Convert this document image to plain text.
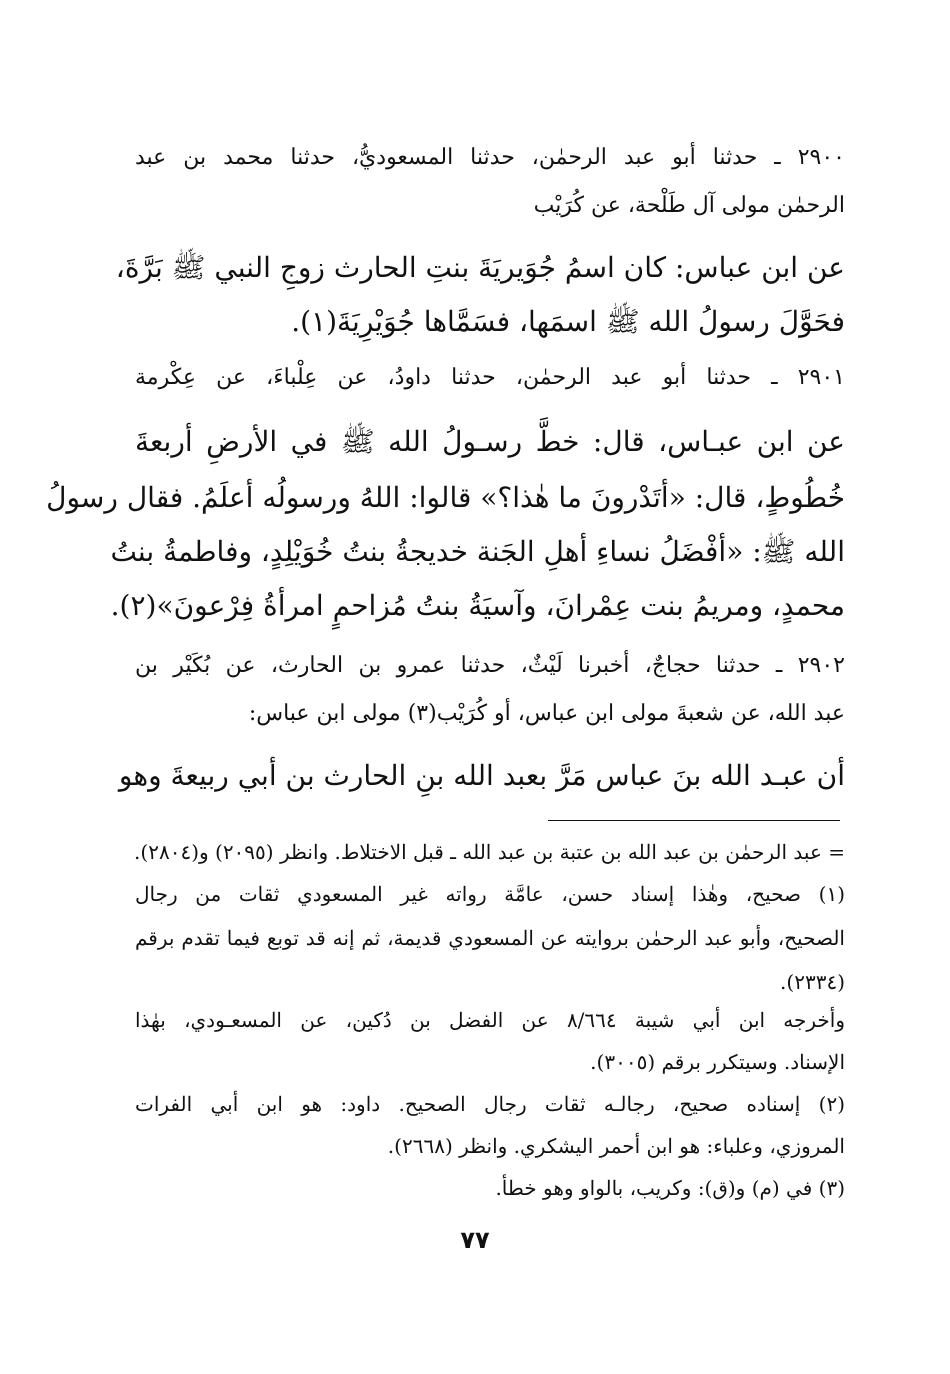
٢٩٠٠ ـ حدثنا أبو عبد الرحمٰن، حدثنا المسعوديُّ، حدثنا محمد بن عبد
الرحمٰن مولى آل طَلْحة، عن كُرَيْب
عن ابن عباس: كان اسمُ جُوَيريَةَ بنتِ الحارث زوجِ النبي ﷺ بَرَّةَ،
فحَوَّلَ رسولُ الله ﷺ اسمَها، فسَمَّاها جُوَيْرِيَةَ(١).
٢٩٠١ ـ حدثنا أبو عبد الرحمٰن، حدثنا داودُ، عن عِلْباءَ، عن عِكْرمة
عن ابن عبـاس، قال: خطَّ رسـولُ الله ﷺ في الأرضِ أربعةَ
خُطُوطٍ، قال: «أتَدْرونَ ما هٰذا؟» قالوا: اللهُ ورسولُه أعلَمُ. فقال رسولُ
الله ﷺ: «أفْضَلُ نساءِ أهلِ الجَنة خديجةُ بنتُ خُوَيْلِدٍ، وفاطمةُ بنتُ
محمدٍ، ومريمُ بنت عِمْرانَ، وآسيَةُ بنتُ مُزاحمٍ امرأةُ فِرْعونَ»(٢).
٢٩٠٢ ـ حدثنا حجاجٌ، أخبرنا لَيْثٌ، حدثنا عمرو بن الحارث، عن بُكَيْر بن
عبد الله، عن شعبةَ مولى ابن عباس، أو كُرَيْب(٣) مولى ابن عباس:
أن عبـد الله بنَ عباس مَرَّ بعبد الله بنِ الحارث بن أبي ربيعةَ وهو
= عبد الرحمٰن بن عبد الله بن عتبة بن عبد الله ـ قبل الاختلاط. وانظر (٢٠٩٥) و(٢٨٠٤).
(١) صحيح، وهٰذا إسناد حسن، عامَّة رواته غير المسعودي ثقات من رجال
الصحيح، وأبو عبد الرحمٰن بروايته عن المسعودي قديمة، ثم إنه قد توبع فيما تقدم برقم
(٢٣٣٤).
وأخرجه ابن أبي شيبة ٨/٦٦٤ عن الفضل بن دُكين، عن المسعـودي، بهٰذا
الإسناد. وسيتكرر برقم (٣٠٠٥).
(٢) إسناده صحيح، رجالـه ثقات رجال الصحيح. داود: هو ابن أبي الفرات
المروزي، وعلباء: هو ابن أحمر اليشكري. وانظر (٢٦٦٨).
(٣) في (م) و(ق): وكريب، بالواو وهو خطأ.
٧٧
